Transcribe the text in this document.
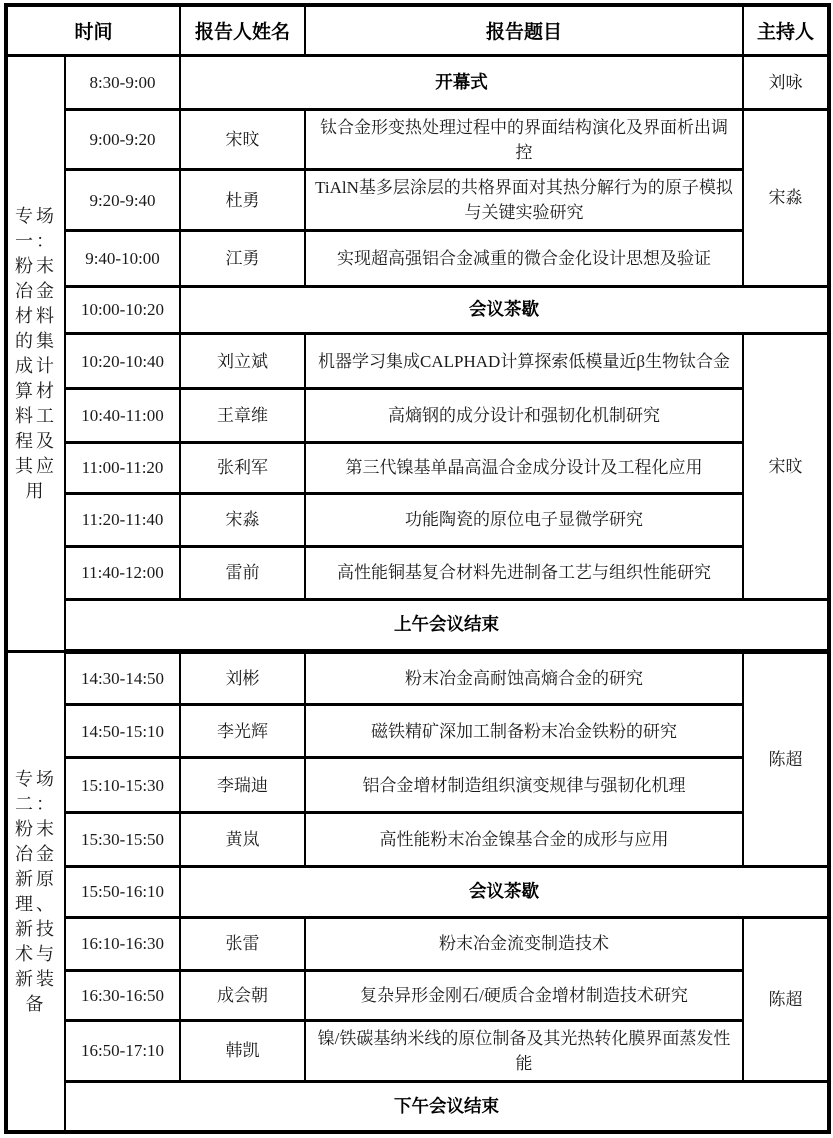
时间		报告人姓名	报告题目	主持人

专场一：粉末冶金材料的集成计算材料工程及其应用	8:30-9:00	开幕式		刘咏
	9:00-9:20	宋旼	钛合金形变热处理过程中的界面结构演化及界面析出调控	宋淼
	9:20-9:40	杜勇	TiAlN基多层涂层的共格界面对其热分解行为的原子模拟与关键实验研究	
	9:40-10:00	江勇	实现超高强铝合金减重的微合金化设计思想及验证	
	10:00-10:20	会议茶歇		
	10:20-10:40	刘立斌	机器学习集成CALPHAD计算探索低模量近β生物钛合金	宋旼
	10:40-11:00	王章维	高熵钢的成分设计和强韧化机制研究	
	11:00-11:20	张利军	第三代镍基单晶高温合金成分设计及工程化应用	
	11:20-11:40	宋淼	功能陶瓷的原位电子显微学研究	
	11:40-12:00	雷前	高性能铜基复合材料先进制备工艺与组织性能研究	
	上午会议结束			

专场二：粉末冶金新原理、新技术与新装备	14:30-14:50	刘彬	粉末冶金高耐蚀高熵合金的研究	陈超
	14:50-15:10	李光辉	磁铁精矿深加工制备粉末冶金铁粉的研究	
	15:10-15:30	李瑞迪	铝合金增材制造组织演变规律与强韧化机理	
	15:30-15:50	黄岚	高性能粉末冶金镍基合金的成形与应用	
	15:50-16:10	会议茶歇		
	16:10-16:30	张雷	粉末冶金流变制造技术	陈超
	16:30-16:50	成会朝	复杂异形金刚石/硬质合金增材制造技术研究	
	16:50-17:10	韩凯	镍/铁碳基纳米线的原位制备及其光热转化膜界面蒸发性能	
	下午会议结束			
